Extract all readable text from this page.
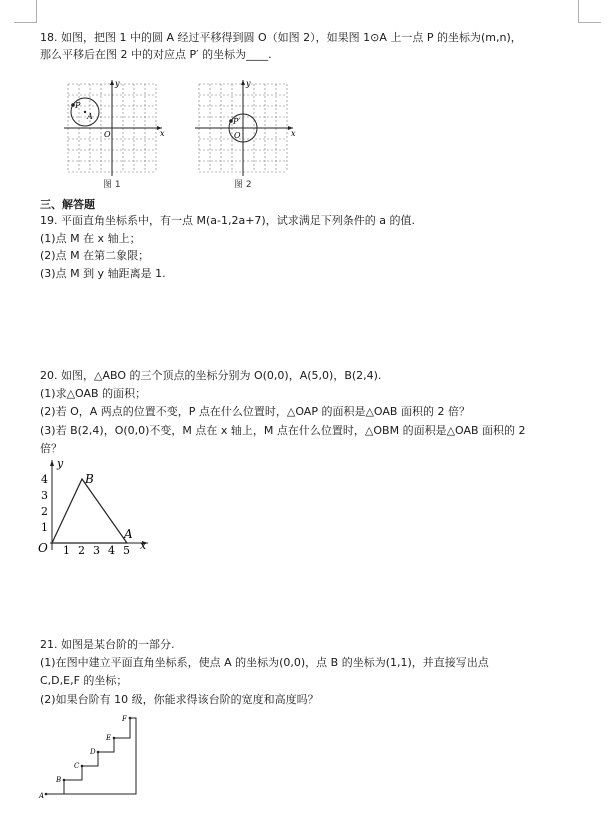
18. 如图，把图 1 中的圆 A 经过平移得到圆 O（如图 2），如果图 1⊙A 上一点 P 的坐标为(m,n)，
那么平移后在图 2 中的对应点 P′ 的坐标为____.
y
x
O
P
A
图 1
y
x
O
P′
图 2
三、解答题
19. 平面直角坐标系中，有一点 M(a-1,2a+7)，试求满足下列条件的 a 的值.
(1)点 M 在 x 轴上；
(2)点 M 在第二象限；
(3)点 M 到 y 轴距离是 1.
20. 如图，△ABO 的三个顶点的坐标分别为 O(0,0)，A(5,0)，B(2,4).
(1)求△OAB 的面积；
(2)若 O，A 两点的位置不变，P 点在什么位置时，△OAP 的面积是△OAB 面积的 2 倍？
(3)若 B(2,4)，O(0,0)不变，M 点在 x 轴上，M 点在什么位置时，△OBM 的面积是△OAB 面积的 2
倍？
y
x
B
A
O 1 2 3 4 5
1
2
3
4
21. 如图是某台阶的一部分.
(1)在图中建立平面直角坐标系，使点 A 的坐标为(0,0)，点 B 的坐标为(1,1)，并直接写出点
C,D,E,F 的坐标；
(2)如果台阶有 10 级，你能求得该台阶的宽度和高度吗？
A
B
C
D
E
F
